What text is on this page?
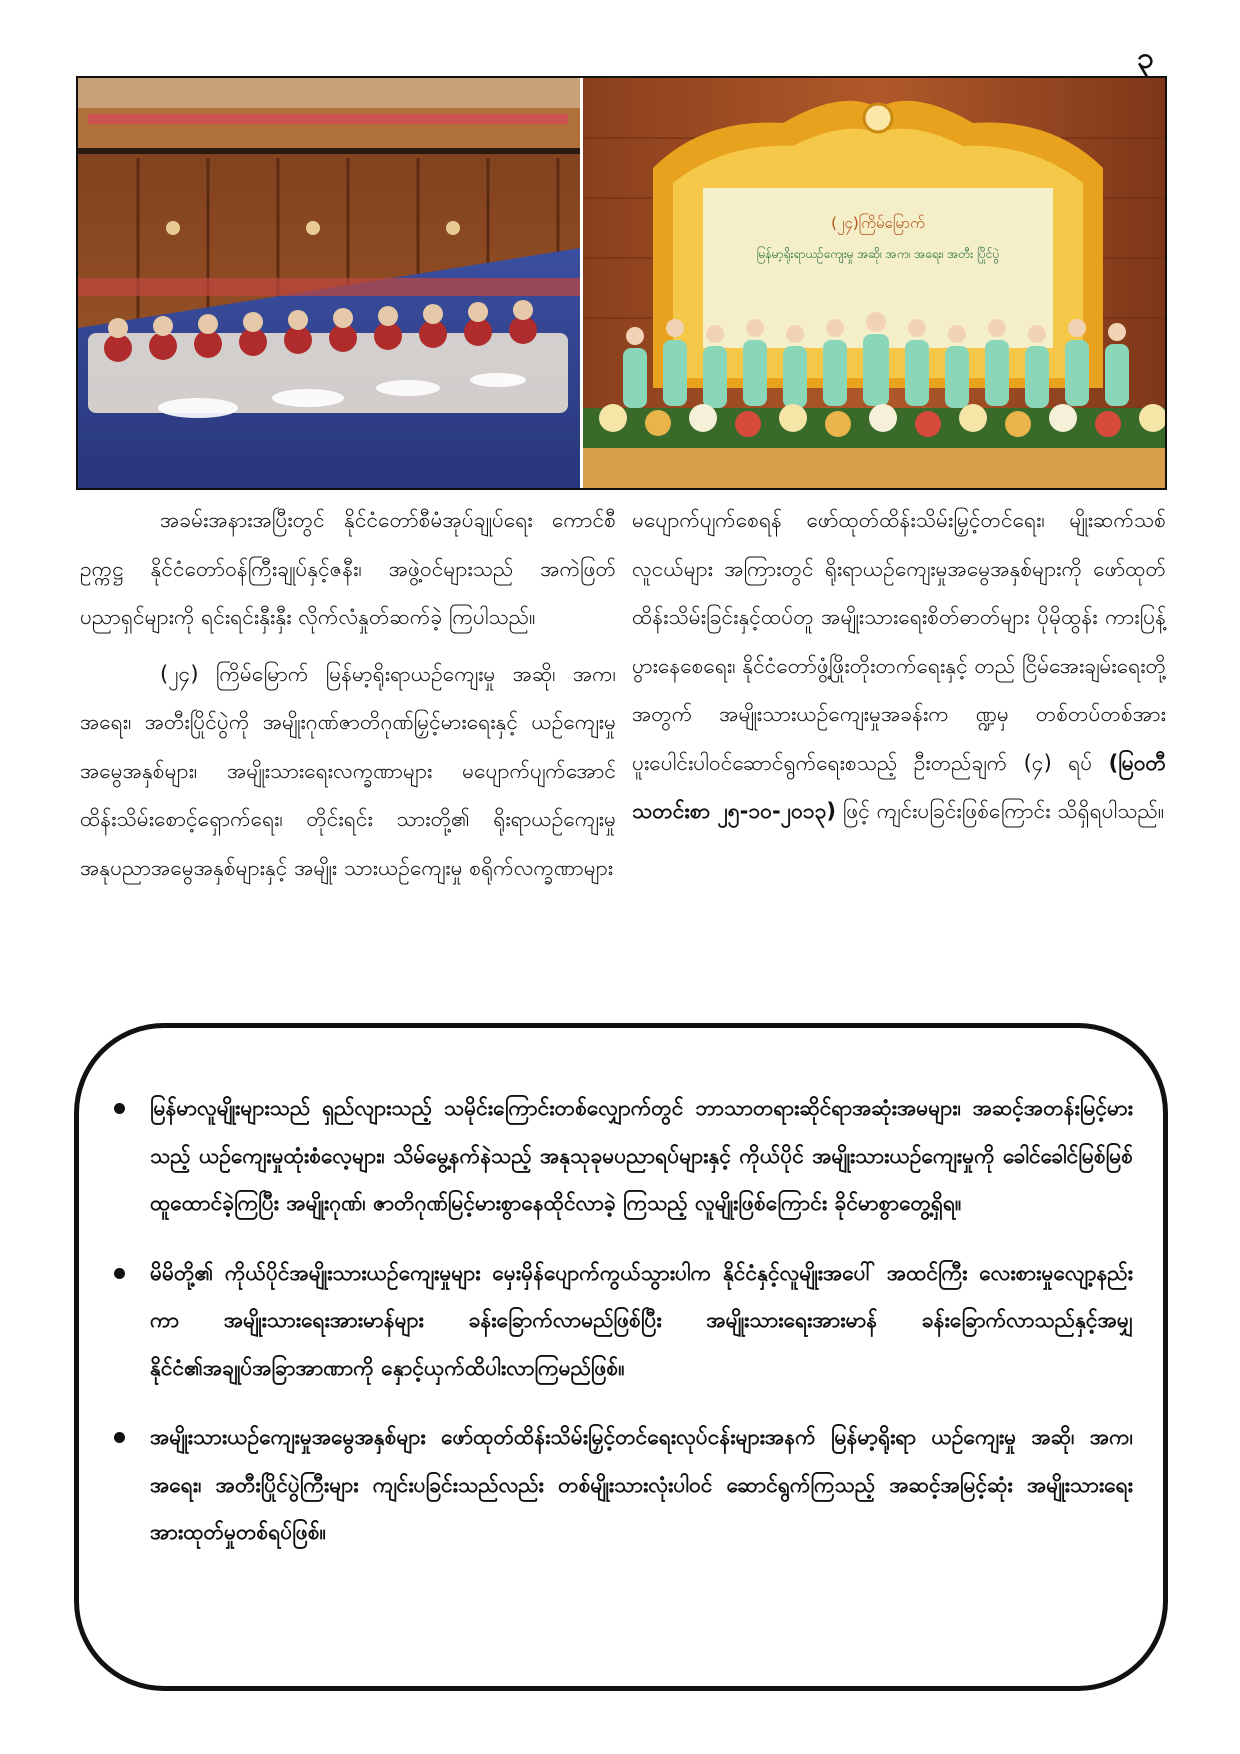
၃
(၂၄)ကြိမ်မြောက်
မြန်မာ့ရိုးရာယဉ်ကျေးမှု အဆို၊ အက၊ အရေး၊ အတီး ပြိုင်ပွဲ

အခမ်းအနားအပြီးတွင် နိုင်ငံတော်စီမံအုပ်ချုပ်ရေး ကောင်စီဥက္ကဋ္ဌ နိုင်ငံတော်ဝန်ကြီးချုပ်နှင့်ဇနီး၊ အဖွဲ့ဝင်များသည် အကဲဖြတ်ပညာရှင်များကို ရင်းရင်းနှီးနှီး လိုက်လံနှုတ်ဆက်ခဲ့ ကြပါသည်။

(၂၄) ကြိမ်မြောက် မြန်မာ့ရိုးရာယဉ်ကျေးမှု အဆို၊ အက၊ အရေး၊ အတီးပြိုင်ပွဲကို အမျိုးဂုဏ်ဇာတိဂုဏ်မြှင့်မားရေးနှင့် ယဉ်ကျေးမှုအမွေအနှစ်များ၊ အမျိုးသားရေးလက္ခဏာများ မပျောက်ပျက်အောင်ထိန်းသိမ်းစောင့်ရှောက်ရေး၊ တိုင်းရင်း သားတို့၏ ရိုးရာယဉ်ကျေးမှု အနုပညာအမွေအနှစ်များနှင့် အမျိုး သားယဉ်ကျေးမှု စရိုက်လက္ခဏာများ

မပျောက်ပျက်စေရန် ဖော်ထုတ်ထိန်းသိမ်းမြှင့်တင်ရေး၊ မျိုးဆက်သစ်လူငယ်များ အကြားတွင် ရိုးရာယဉ်ကျေးမှုအမွေအနှစ်များကို ဖော်ထုတ် ထိန်းသိမ်းခြင်းနှင့်ထပ်တူ အမျိုးသားရေးစိတ်ဓာတ်များ ပိုမိုထွန်း ကားပြန့်ပွားနေစေရေး၊ နိုင်ငံတော်ဖွံ့ဖြိုးတိုးတက်ရေးနှင့် တည် ငြိမ်အေးချမ်းရေးတို့အတွက် အမျိုးသားယဉ်ကျေးမှုအခန်းက ဏ္ဍမှ တစ်တပ်တစ်အား ပူးပေါင်းပါဝင်ဆောင်ရွက်ရေးစသည့် ဦးတည်ချက် (၄) ရပ် (မြဝတီသတင်းစာ ၂၅-၁၀-၂၀၁၃) ဖြင့် ကျင်းပခြင်းဖြစ်ကြောင်း သိရှိရပါသည်။

မြန်မာလူမျိုးများသည် ရှည်လျားသည့် သမိုင်းကြောင်းတစ်လျှောက်တွင် ဘာသာတရားဆိုင်ရာအဆုံးအမများ၊ အဆင့်အတန်းမြင့်မားသည့် ယဉ်ကျေးမှုထုံးစံလေ့များ၊ သိမ်မွေ့နက်နဲသည့် အနုသုခုမပညာရပ်များနှင့် ကိုယ်ပိုင် အမျိုးသားယဉ်ကျေးမှုကို ခေါင်ခေါင်မြစ်မြစ်ထူထောင်ခဲ့ကြပြီး အမျိုးဂုဏ်၊ ဇာတိဂုဏ်မြင့်မားစွာနေထိုင်လာခဲ့ ကြသည့် လူမျိုးဖြစ်ကြောင်း ခိုင်မာစွာတွေ့ရှိရ။
မိမိတို့၏ ကိုယ်ပိုင်အမျိုးသားယဉ်ကျေးမှုများ မှေးမှိန်ပျောက်ကွယ်သွားပါက နိုင်ငံနှင့်လူမျိုးအပေါ် အထင်ကြီး လေးစားမှုလျော့နည်းကာ အမျိုးသားရေးအားမာန်များ ခန်းခြောက်လာမည်ဖြစ်ပြီး အမျိုးသားရေးအားမာန် ခန်းခြောက်လာသည်နှင့်အမျှ နိုင်ငံ၏အချုပ်အခြာအာဏာကို နှောင့်ယှက်ထိပါးလာကြမည်ဖြစ်။
အမျိုးသားယဉ်ကျေးမှုအမွေအနှစ်များ ဖော်ထုတ်ထိန်းသိမ်းမြှင့်တင်ရေးလုပ်ငန်းများအနက် မြန်မာ့ရိုးရာ ယဉ်ကျေးမှု အဆို၊ အက၊ အရေး၊ အတီးပြိုင်ပွဲကြီးများ ကျင်းပခြင်းသည်လည်း တစ်မျိုးသားလုံးပါဝင် ဆောင်ရွက်ကြသည့် အဆင့်အမြင့်ဆုံး အမျိုးသားရေးအားထုတ်မှုတစ်ရပ်ဖြစ်။
